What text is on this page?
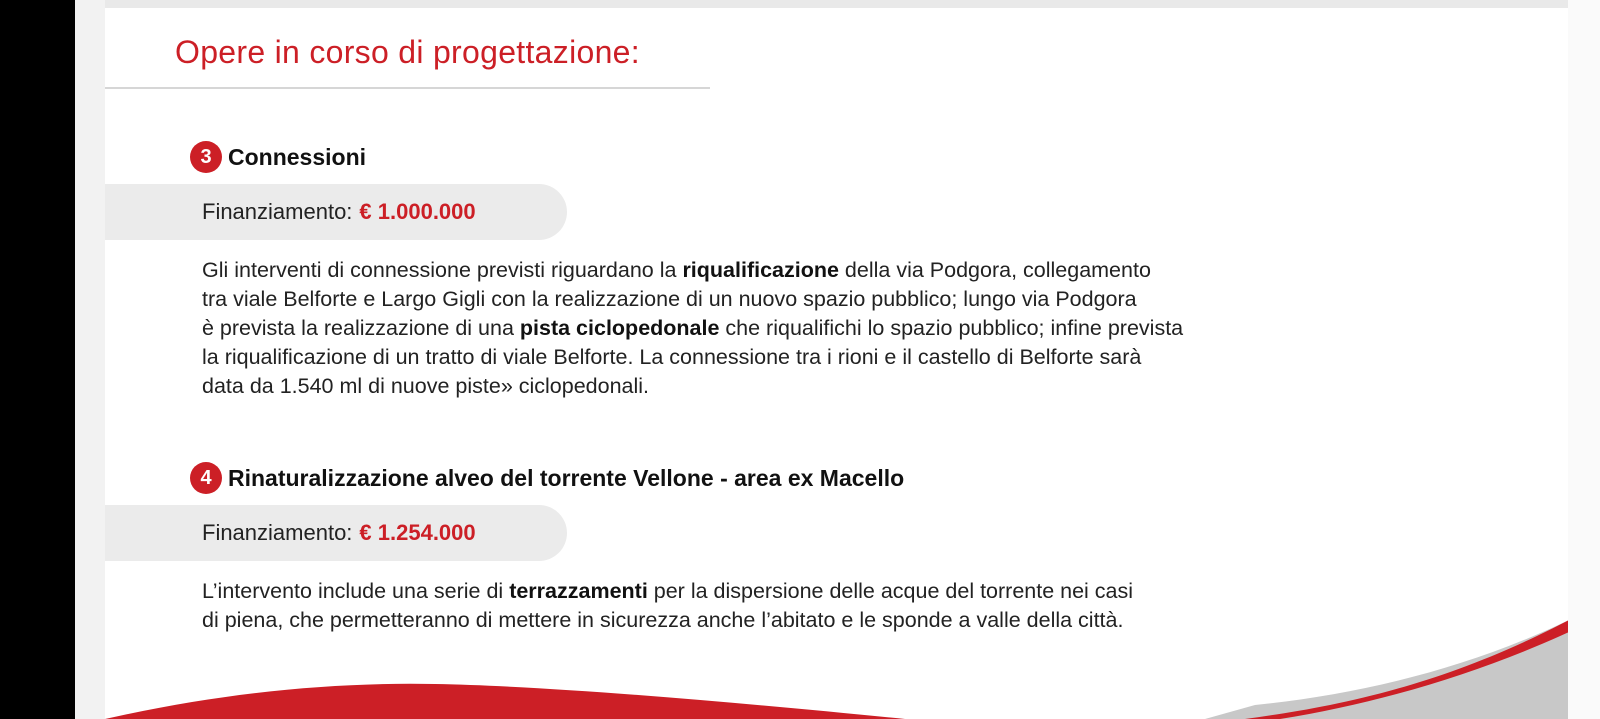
Opere in corso di progettazione:
3 Connessioni
Finanziamento: € 1.000.000

Gli interventi di connessione previsti riguardano la riqualificazione della via Podgora, collegamento
tra viale Belforte e Largo Gigli con la realizzazione di un nuovo spazio pubblico; lungo via Podgora
è prevista la realizzazione di una pista ciclopedonale che riqualifichi lo spazio pubblico; infine prevista
la riqualificazione di un tratto di viale Belforte. La connessione tra i rioni e il castello di Belforte sarà
data da 1.540 ml di nuove piste» ciclopedonali.

4 Rinaturalizzazione alveo del torrente Vellone - area ex Macello
Finanziamento: € 1.254.000

L’intervento include una serie di terrazzamenti per la dispersione delle acque del torrente nei casi
di piena, che permetteranno di mettere in sicurezza anche l’abitato e le sponde a valle della città.
